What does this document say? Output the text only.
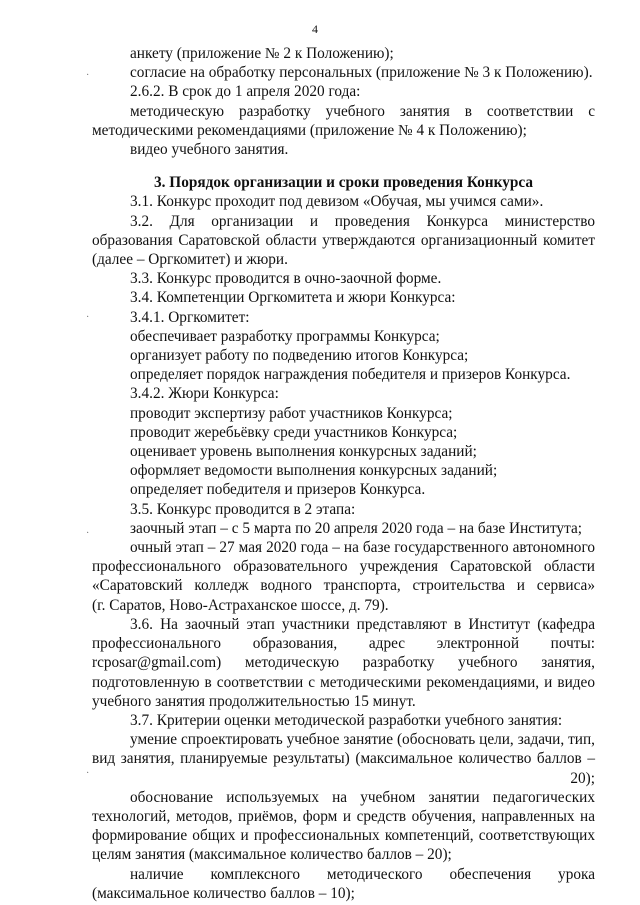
4
·
·
·
·

анкету (приложение № 2 к Положению);

согласие на обработку персональных (приложение № 3 к Положению).

2.6.2. В срок до 1 апреля 2020 года:

методическую разработку учебного занятия в соответствии с

методическими рекомендациями (приложение № 4 к Положению);

видео учебного занятия.

3. Порядок организации и сроки проведения Конкурса

3.1. Конкурс проходит под девизом «Обучая, мы учимся сами».

3.2. Для организации и проведения Конкурса министерство

образования Саратовской области утверждаются организационный комитет

(далее – Оргкомитет) и жюри.

3.3. Конкурс проводится в очно-заочной форме.

3.4. Компетенции Оргкомитета и жюри Конкурса:

3.4.1. Оргкомитет:

обеспечивает разработку программы Конкурса;

организует работу по подведению итогов Конкурса;

определяет порядок награждения победителя и призеров Конкурса.

3.4.2. Жюри Конкурса:

проводит экспертизу работ участников Конкурса;

проводит жеребьёвку среди участников Конкурса;

оценивает уровень выполнения конкурсных заданий;

оформляет ведомости выполнения конкурсных заданий;

определяет победителя и призеров Конкурса.

3.5. Конкурс проводится в 2 этапа:

заочный этап – с 5 марта по 20 апреля 2020 года – на базе Института;

очный этап – 27 мая 2020 года – на базе государственного автономного

профессионального образовательного учреждения Саратовской области

«Саратовский колледж водного транспорта, строительства и сервиса»

(г. Саратов, Ново-Астраханское шоссе, д. 79).

3.6. На заочный этап участники представляют в Институт (кафедра

профессионального образования, адрес электронной почты:

rcposar@gmail.com) методическую разработку учебного занятия,

подготовленную в соответствии с методическими рекомендациями, и видео

учебного занятия продолжительностью 15 минут.

3.7. Критерии оценки методической разработки учебного занятия:

умение спроектировать учебное занятие (обосновать цели, задачи, тип,

вид занятия, планируемые результаты) (максимальное количество баллов –

20);

обоснование используемых на учебном занятии педагогических

технологий, методов, приёмов, форм и средств обучения, направленных на

формирование общих и профессиональных компетенций, соответствующих

целям занятия (максимальное количество баллов – 20);

наличие комплексного методического обеспечения урока

(максимальное количество баллов – 10);
